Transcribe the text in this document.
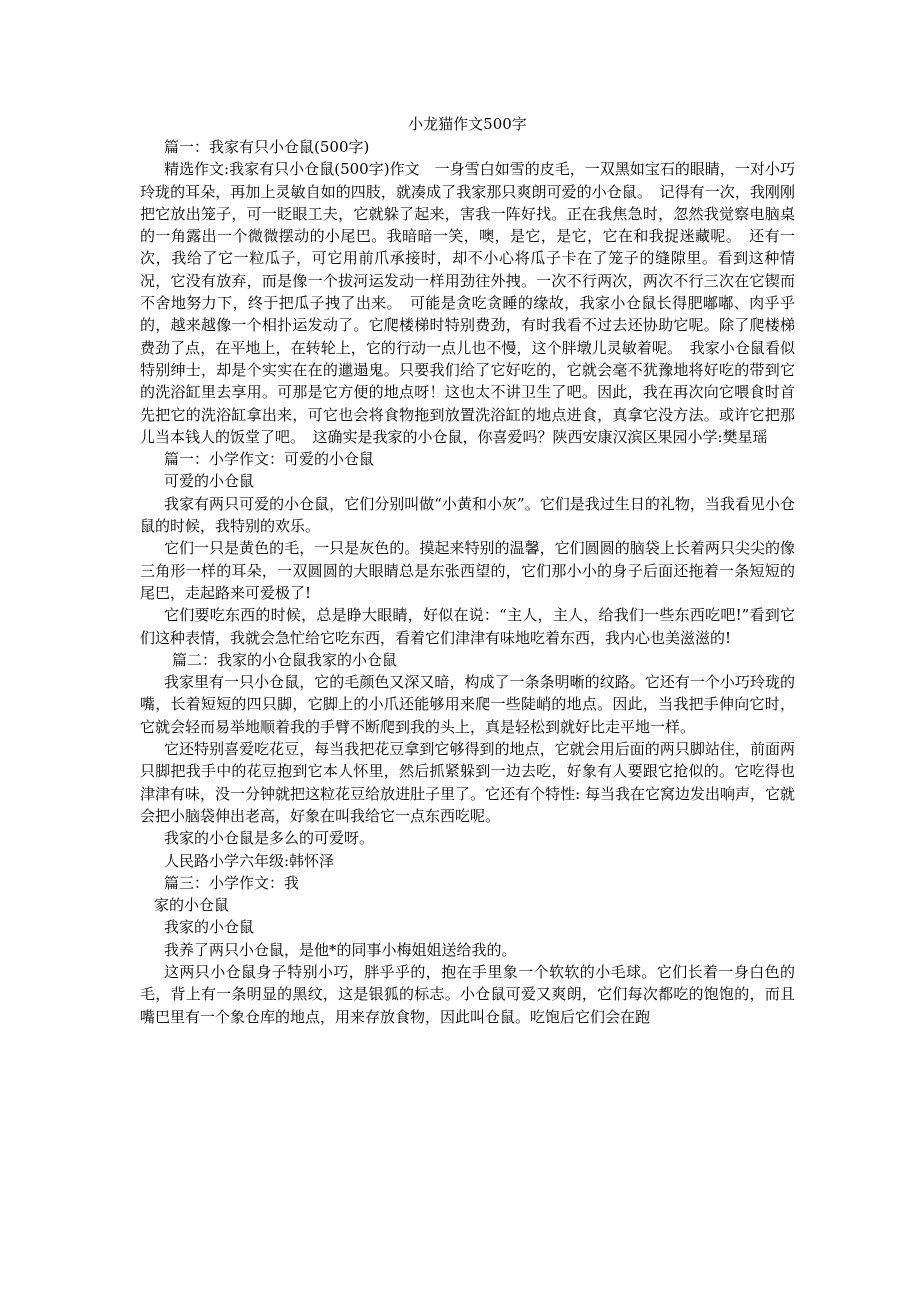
小龙猫作文500字

篇一：我家有只小仓鼠(500字)

精选作文:我家有只小仓鼠(500字)作文　一身雪白如雪的皮毛，一双黑如宝石的眼睛，一对小巧玲珑的耳朵，再加上灵敏自如的四肢，就凑成了我家那只爽朗可爱的小仓鼠。　记得有一次，我刚刚把它放出笼子，可一眨眼工夫，它就躲了起来，害我一阵好找。正在我焦急时，忽然我觉察电脑桌的一角露出一个微微摆动的小尾巴。我暗暗一笑，噢，是它，是它，它在和我捉迷藏呢。　还有一次，我给了它一粒瓜子，可它用前爪承接时，却不小心将瓜子卡在了笼子的缝隙里。看到这种情况，它没有放弃，而是像一个拔河运发动一样用劲往外拽。一次不行两次，两次不行三次在它锲而不舍地努力下，终于把瓜子拽了出来。　可能是贪吃贪睡的缘故，我家小仓鼠长得肥嘟嘟、肉乎乎的，越来越像一个相扑运发动了。它爬楼梯时特别费劲，有时我看不过去还协助它呢。除了爬楼梯费劲了点，在平地上，在转轮上，它的行动一点儿也不慢，这个胖墩儿灵敏着呢。　我家小仓鼠看似特别绅士，却是个实实在在的邋遢鬼。只要我们给了它好吃的，它就会毫不犹豫地将好吃的带到它的洗浴缸里去享用。可那是它方便的地点呀！这也太不讲卫生了吧。因此，我在再次向它喂食时首先把它的洗浴缸拿出来，可它也会将食物拖到放置洗浴缸的地点进食，真拿它没方法。或许它把那儿当本钱人的饭堂了吧。　这确实是我家的小仓鼠，你喜爱吗？陕西安康汉滨区果园小学:樊星瑶

篇一：小学作文：可爱的小仓鼠

可爱的小仓鼠

我家有两只可爱的小仓鼠，它们分别叫做“小黄和小灰”。它们是我过生日的礼物，当我看见小仓鼠的时候，我特别的欢乐。

它们一只是黄色的毛，一只是灰色的。摸起来特别的温馨，它们圆圆的脑袋上长着两只尖尖的像三角形一样的耳朵，一双圆圆的大眼睛总是东张西望的，它们那小小的身子后面还拖着一条短短的尾巴，走起路来可爱极了!

它们要吃东西的时候，总是睁大眼睛，好似在说：“主人，主人，给我们一些东西吃吧!”看到它们这种表情，我就会急忙给它吃东西，看着它们津津有味地吃着东西，我内心也美滋滋的!

篇二：我家的小仓鼠我家的小仓鼠

我家里有一只小仓鼠，它的毛颜色又深又暗，构成了一条条明晰的纹路。它还有一个小巧玲珑的嘴，长着短短的四只脚，它脚上的小爪还能够用来爬一些陡峭的地点。因此，当我把手伸向它时，它就会轻而易举地顺着我的手臂不断爬到我的头上，真是轻松到就好比走平地一样。

它还特别喜爱吃花豆，每当我把花豆拿到它够得到的地点，它就会用后面的两只脚站住，前面两只脚把我手中的花豆抱到它本人怀里，然后抓紧躲到一边去吃，好象有人要跟它抢似的。它吃得也津津有味，没一分钟就把这粒花豆给放进肚子里了。它还有个特性: 每当我在它窝边发出响声，它就会把小脑袋伸出老高，好象在叫我给它一点东西吃呢。

我家的小仓鼠是多么的可爱呀。

人民路小学六年级:韩怀泽

篇三：小学作文：我

家的小仓鼠

我家的小仓鼠

我养了两只小仓鼠，是他*的同事小梅姐姐送给我的。

这两只小仓鼠身子特别小巧，胖乎乎的，抱在手里象一个软软的小毛球。它们长着一身白色的毛，背上有一条明显的黑纹，这是银狐的标志。小仓鼠可爱又爽朗，它们每次都吃的饱饱的，而且嘴巴里有一个象仓库的地点，用来存放食物，因此叫仓鼠。吃饱后它们会在跑
